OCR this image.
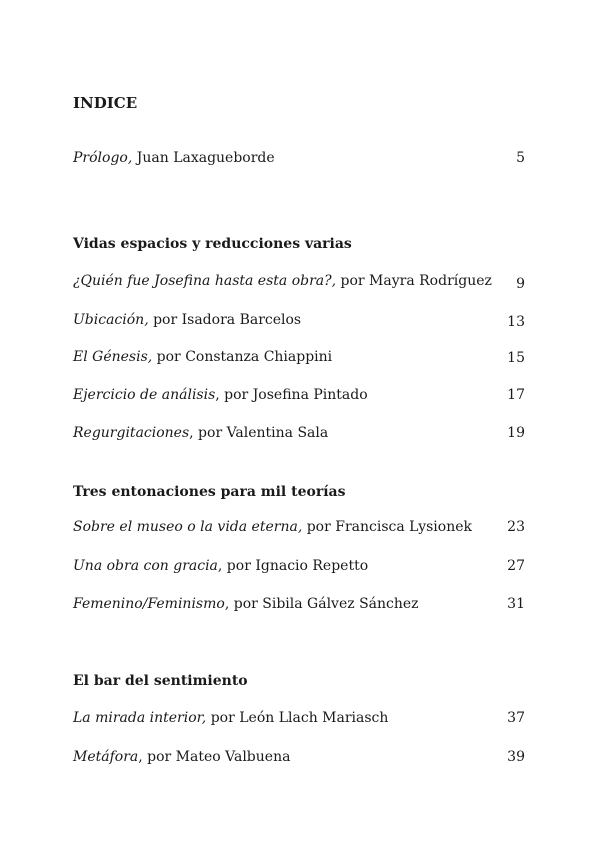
INDICE
Prólogo, Juan Laxagueborde	5
Vidas espacios y reducciones varias
¿Quién fue Josefina hasta esta obra?, por Mayra Rodríguez 9
Ubicación, por Isadora Barcelos	13
El Génesis, por Constanza Chiappini	15
Ejercicio de análisis, por Josefina Pintado	17
Regurgitaciones, por Valentina Sala	19
Tres entonaciones para mil teorías
Sobre el museo o la vida eterna, por Francisca Lysionek	23
Una obra con gracia, por Ignacio Repetto	27
Femenino/Feminismo, por Sibila Gálvez Sánchez	31
El bar del sentimiento
La mirada interior, por León Llach Mariasch	37
Metáfora, por Mateo Valbuena	39
